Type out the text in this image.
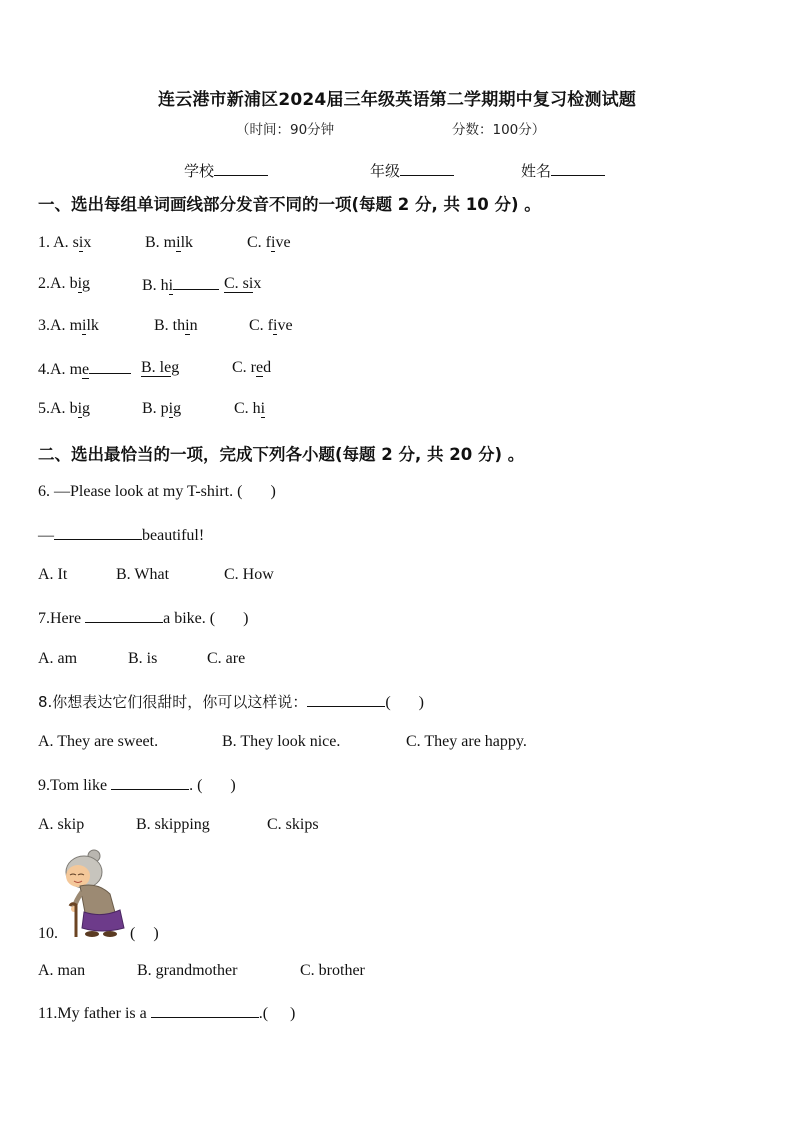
连云港市新浦区2024届三年级英语第二学期期中复习检测试题
（时间：90分钟	分数：100分）
学校	年级	姓名
一、选出每组单词画线部分发音不同的一项(每题 2 分, 共 10 分) 。
1. A. six	B. milk	C. five
2.A. big	B. hi	C. six
3.A. milk	B. thin	C. five
4.A. me	B. leg	C. red
5.A. big	B. pig	C. hi
二、选出最恰当的一项，完成下列各小题(每题 2 分, 共 20 分) 。
6. —Please look at my T-shirt. ( )
—	beautiful!
A. It	B. What	C. How
7.Here	a bike. ( )
A. am	B. is	C. are
8.你想表达它们很甜时，你可以这样说：	( )
A. They are sweet.	B. They look nice.	C. They are happy.
9.Tom like	. ( )
A. skip	B. skipping	C. skips
10.	( )
A. man	B. grandmother	C. brother
11.My father is a	.( )
